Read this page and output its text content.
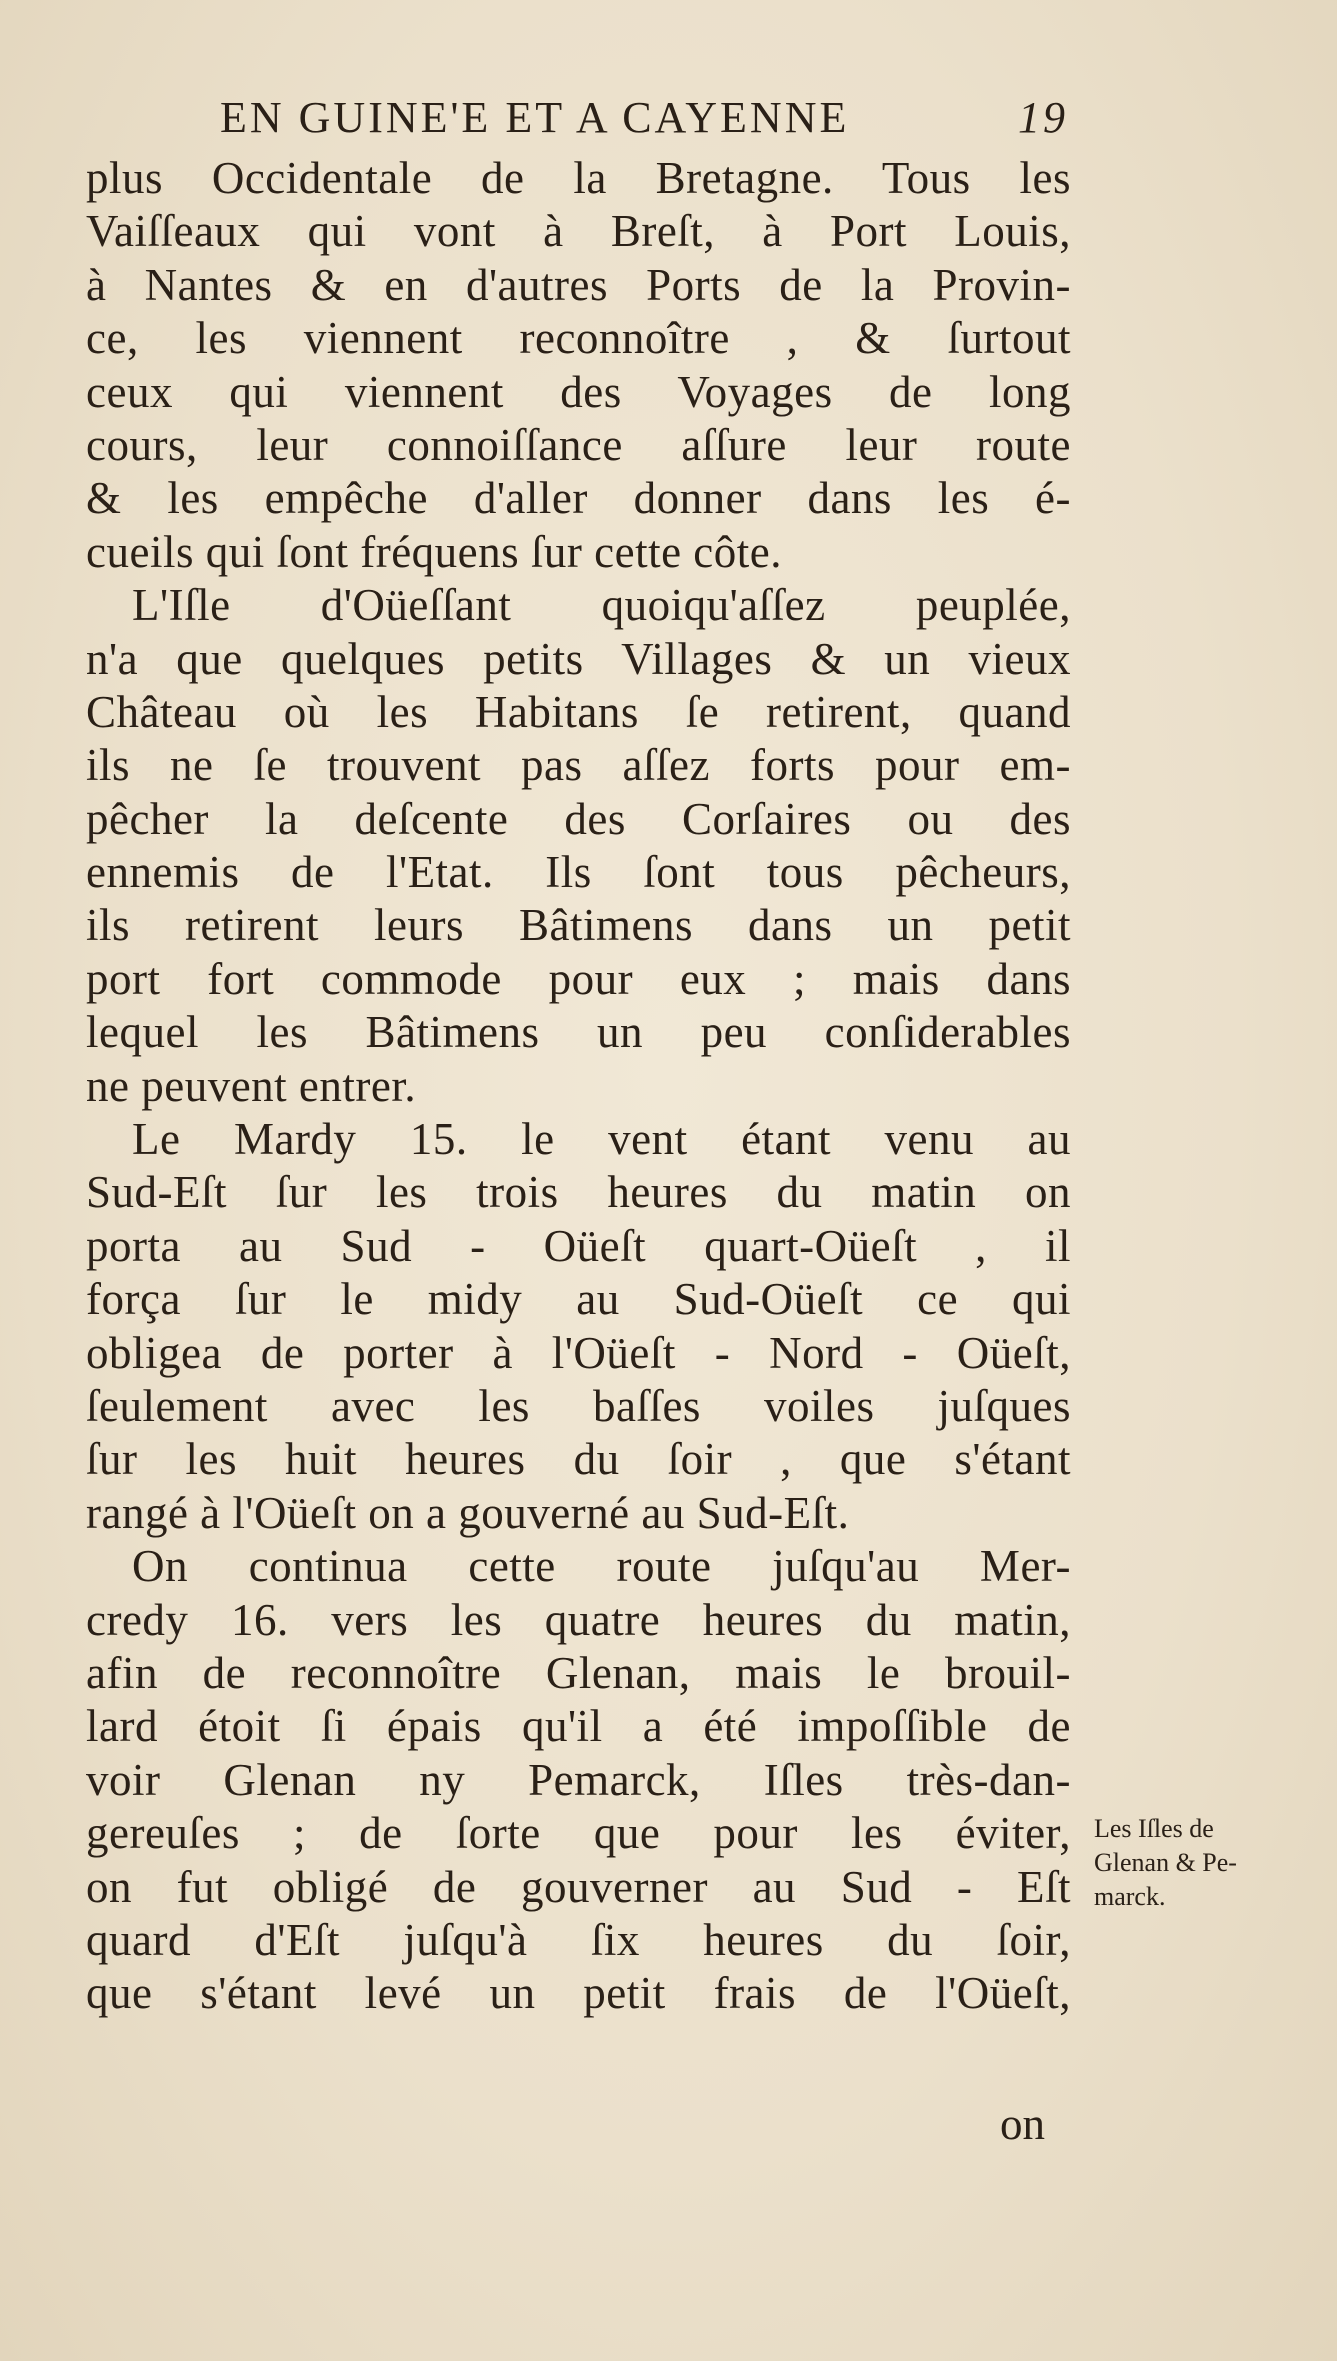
EN GUINE'E ET A CAYENNE	19
plus Occidentale de la Bretagne. Tous les
Vaiſſeaux qui vont à Breſt, à Port Louis,
à Nantes & en d'autres Ports de la Provin-
ce, les viennent reconnoître , & ſurtout
ceux qui viennent des Voyages de long
cours, leur connoiſſance aſſure leur route
& les empêche d'aller donner dans les é-
cueils qui ſont fréquens ſur cette côte.
L'Iſle d'Oüeſſant quoiqu'aſſez peuplée,
n'a que quelques petits Villages & un vieux
Château où les Habitans ſe retirent, quand
ils ne ſe trouvent pas aſſez forts pour em-
pêcher la deſcente des Corſaires ou des
ennemis de l'Etat. Ils ſont tous pêcheurs,
ils retirent leurs Bâtimens dans un petit
port fort commode pour eux ; mais dans
lequel les Bâtimens un peu conſiderables
ne peuvent entrer.
Le Mardy 15. le vent étant venu au
Sud-Eſt ſur les trois heures du matin on
porta au Sud - Oüeſt quart-Oüeſt , il
força ſur le midy au Sud-Oüeſt ce qui
obligea de porter à l'Oüeſt - Nord - Oüeſt,
ſeulement avec les baſſes voiles juſques
ſur les huit heures du ſoir , que s'étant
rangé à l'Oüeſt on a gouverné au Sud-Eſt.
On continua cette route juſqu'au Mer-
credy 16. vers les quatre heures du matin,
afin de reconnoître Glenan, mais le brouil-
lard étoit ſi épais qu'il a été impoſſible de
voir Glenan ny Pemarck, Iſles très-dan-
gereuſes ; de ſorte que pour les éviter,
on fut obligé de gouverner au Sud - Eſt
quard d'Eſt juſqu'à ſix heures du ſoir,
que s'étant levé un petit frais de l'Oüeſt,
Les Iſles de
Glenan & Pe-
marck.
on
